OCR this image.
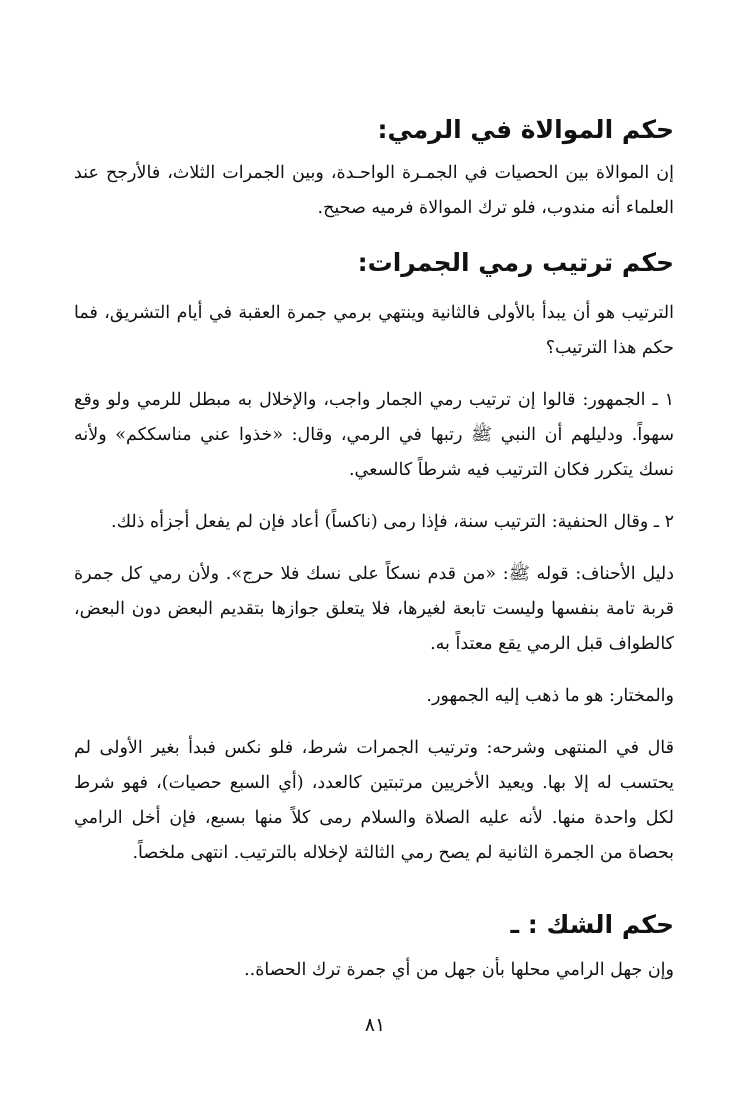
حكم الموالاة في الرمي:

إن الموالاة بين الحصيات في الجمـرة الواحـدة، وبين الجمرات الثلاث، فالأرجح عند العلماء أنه مندوب، فلو ترك الموالاة فرميه صحيح.

حكم ترتيب رمي الجمرات:

الترتيب هو أن يبدأ بالأولى فالثانية وينتهي برمي جمرة العقبة في أيام التشريق، فما حكم هذا الترتيب؟

١ ـ الجمهور: قالوا إن ترتيب رمي الجمار واجب، والإخلال به مبطل للرمي ولو وقع سهواً. ودليلهم أن النبي ﷺ رتبها في الرمي، وقال: «خذوا عني مناسككم» ولأنه نسك يتكرر فكان الترتيب فيه شرطاً كالسعي.

٢ ـ وقال الحنفية: الترتيب سنة، فإذا رمى (ناكساً) أعاد فإن لم يفعل أجزأه ذلك.

دليل الأحناف: قوله ﷺ: «من قدم نسكاً على نسك فلا حرج». ولأن رمي كل جمرة قربة تامة بنفسها وليست تابعة لغيرها، فلا يتعلق جوازها بتقديم البعض دون البعض، كالطواف قبل الرمي يقع معتداً به.

والمختار: هو ما ذهب إليه الجمهور.

قال في المنتهى وشرحه: وترتيب الجمرات شرط، فلو نكس فبدأ بغير الأولى لم يحتسب له إلا بها. ويعيد الأخريين مرتبتين كالعدد، (أي السبع حصيات)، فهو شرط لكل واحدة منها. لأنه عليه الصلاة والسلام رمى كلاً منها بسبع، فإن أخل الرامي بحصاة من الجمرة الثانية لم يصح رمي الثالثة لإخلاله بالترتيب. انتهى ملخصاً.

حكم الشك : ـ

وإن جهل الرامي محلها بأن جهل من أي جمرة ترك الحصاة..

٨١
